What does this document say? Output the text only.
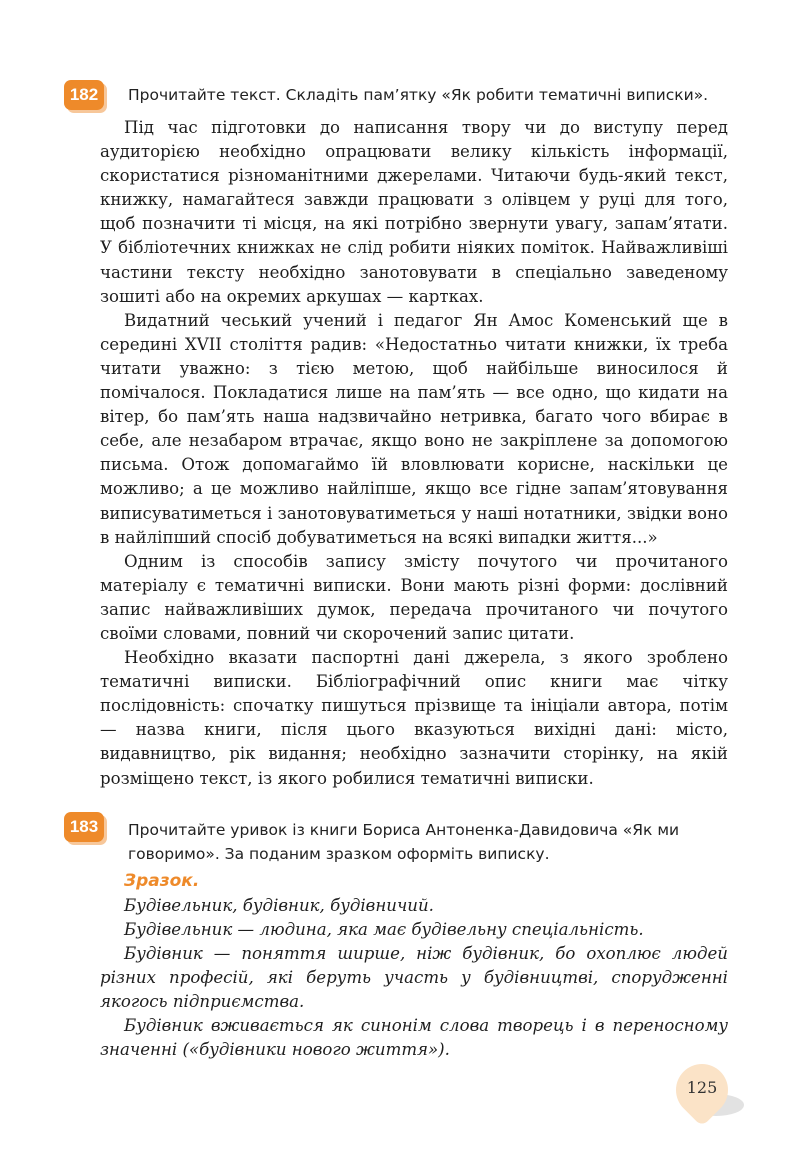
182	Прочитайте текст. Складіть пам’ятку «Як робити тематичні виписки».

Під час підготовки до написання твору чи до виступу перед аудиторією необхідно опрацювати велику кількість інформації, скористатися різноманітними джерелами. Читаючи будь-який текст, книжку, намагайтеся завжди працювати з олівцем у руці для того, щоб позначити ті місця, на які потрібно звернути увагу, запам’ятати. У бібліотечних книжках не слід робити ніяких поміток. Найважливіші частини тексту необхідно занотовувати в спеціально заведеному зошиті або на окремих аркушах — картках.

Видатний чеський учений і педагог Ян Амос Коменський ще в середині XVII століття радив: «Недостатньо читати книжки, їх треба читати уважно: з тією метою, щоб найбільше виносилося й помічалося. Покладатися лише на пам’ять — все одно, що кидати на вітер, бо пам’ять наша надзвичайно нетривка, багато чого вбирає в себе, але незабаром втрачає, якщо воно не закріплене за допомогою письма. Отож допомагаймо їй вловлювати корисне, наскільки це можливо; а це можливо найліпше, якщо все гідне запам’ятовування виписуватиметься і занотовуватиметься у наші нотатники, звідки воно в найліпший спосіб добуватиметься на всякі випадки життя...»

Одним із способів запису змісту почутого чи прочитаного матеріалу є тематичні виписки. Вони мають різні форми: дослівний запис найважливіших думок, передача прочитаного чи почутого своїми словами, повний чи скорочений запис цитати.

Необхідно вказати паспортні дані джерела, з якого зроблено тематичні виписки. Бібліографічний опис книги має чітку послідовність: спочатку пишуться прізвище та ініціали автора, потім — назва книги, після цього вказуються вихідні дані: місто, видавництво, рік видання; необхідно зазначити сторінку, на якій розміщено текст, із якого робилися тематичні виписки.

183	Прочитайте уривок із книги Бориса Антоненка-Давидовича «Як ми говоримо». За поданим зразком оформіть виписку.
Зразок.

Будівельник, будівник, будівничий.

Будівельник — людина, яка має будівельну спеціальність.

Будівник — поняття ширше, ніж будівник, бо охоплює людей різних професій, які беруть участь у будівництві, спорудженні якогось підприємства.

Будівник вживається як синонім слова творець і в переносному значенні («будівники нового життя»).

125
